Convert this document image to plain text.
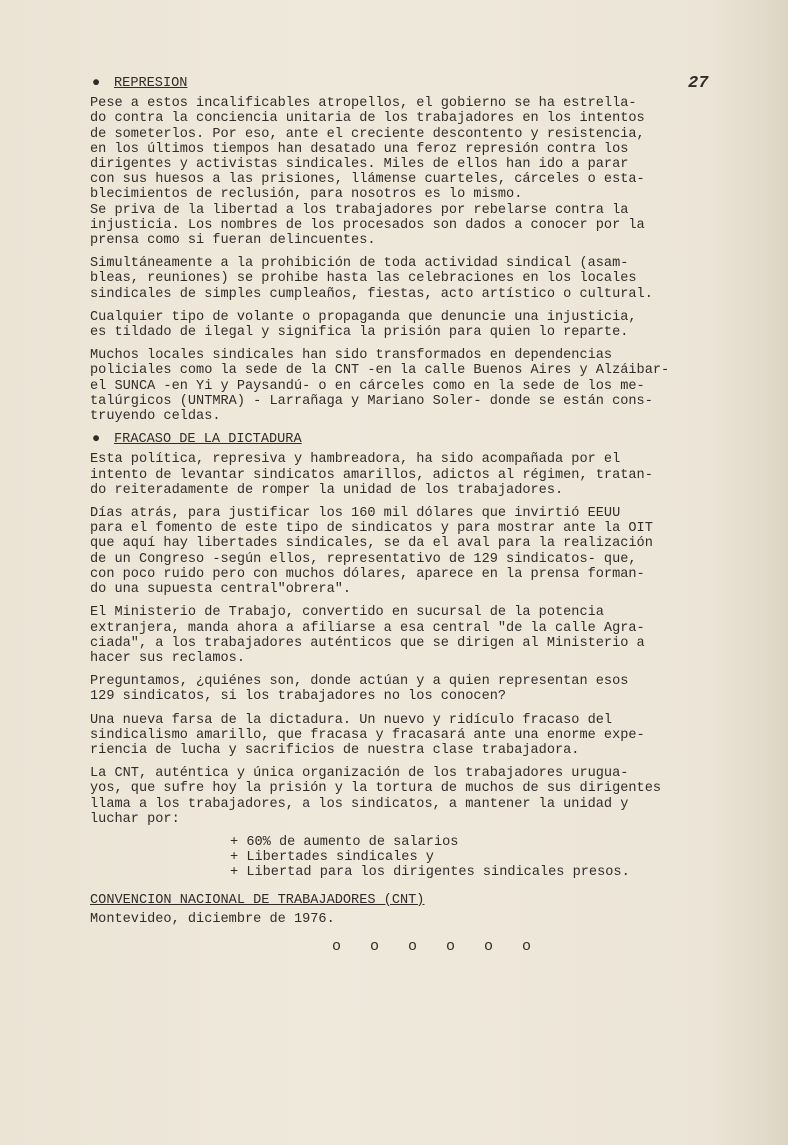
27
● REPRESION
Pese a estos incalificables atropellos, el gobierno se ha estrella-
do contra la conciencia unitaria de los trabajadores en los intentos
de someterlos. Por eso, ante el creciente descontento y resistencia,
en los últimos tiempos han desatado una feroz represión contra los
dirigentes y activistas sindicales. Miles de ellos han ido a parar
con sus huesos a las prisiones, llámense cuarteles, cárceles o esta-
blecimientos de reclusión, para nosotros es lo mismo.
Se priva de la libertad a los trabajadores por rebelarse contra la
injusticia. Los nombres de los procesados son dados a conocer por la
prensa como si fueran delincuentes.
Simultáneamente a la prohibición de toda actividad sindical (asam-
bleas, reuniones) se prohibe hasta las celebraciones en los locales
sindicales de simples cumpleaños, fiestas, acto artístico o cultural.
Cualquier tipo de volante o propaganda que denuncie una injusticia,
es tildado de ilegal y significa la prisión para quien lo reparte.
Muchos locales sindicales han sido transformados en dependencias
policiales como la sede de la CNT -en la calle Buenos Aires y Alzáibar-
el SUNCA -en Yi y Paysandú- o en cárceles como en la sede de los me-
talúrgicos (UNTMRA) - Larrañaga y Mariano Soler- donde se están cons-
truyendo celdas.
● FRACASO DE LA DICTADURA
Esta política, represiva y hambreadora, ha sido acompañada por el
intento de levantar sindicatos amarillos, adictos al régimen, tratan-
do reiteradamente de romper la unidad de los trabajadores.
Días atrás, para justificar los 160 mil dólares que invirtió EEUU
para el fomento de este tipo de sindicatos y para mostrar ante la OIT
que aquí hay libertades sindicales, se da el aval para la realización
de un Congreso -según ellos, representativo de 129 sindicatos- que,
con poco ruido pero con muchos dólares, aparece en la prensa forman-
do una supuesta central"obrera".
El Ministerio de Trabajo, convertido en sucursal de la potencia
extranjera, manda ahora a afiliarse a esa central "de la calle Agra-
ciada", a los trabajadores auténticos que se dirigen al Ministerio a
hacer sus reclamos.
Preguntamos, ¿quiénes son, donde actúan y a quien representan esos
129 sindicatos, si los trabajadores no los conocen?
Una nueva farsa de la dictadura. Un nuevo y ridículo fracaso del
sindicalismo amarillo, que fracasa y fracasará ante una enorme expe-
riencia de lucha y sacrificios de nuestra clase trabajadora.
La CNT, auténtica y única organización de los trabajadores urugua-
yos, que sufre hoy la prisión y la tortura de muchos de sus dirigentes
llama a los trabajadores, a los sindicatos, a mantener la unidad y
luchar por:
+ 60% de aumento de salarios
+ Libertades sindicales y
+ Libertad para los dirigentes sindicales presos.
CONVENCION NACIONAL DE TRABAJADORES (CNT)
Montevideo, diciembre de 1976.
o o o o o o
